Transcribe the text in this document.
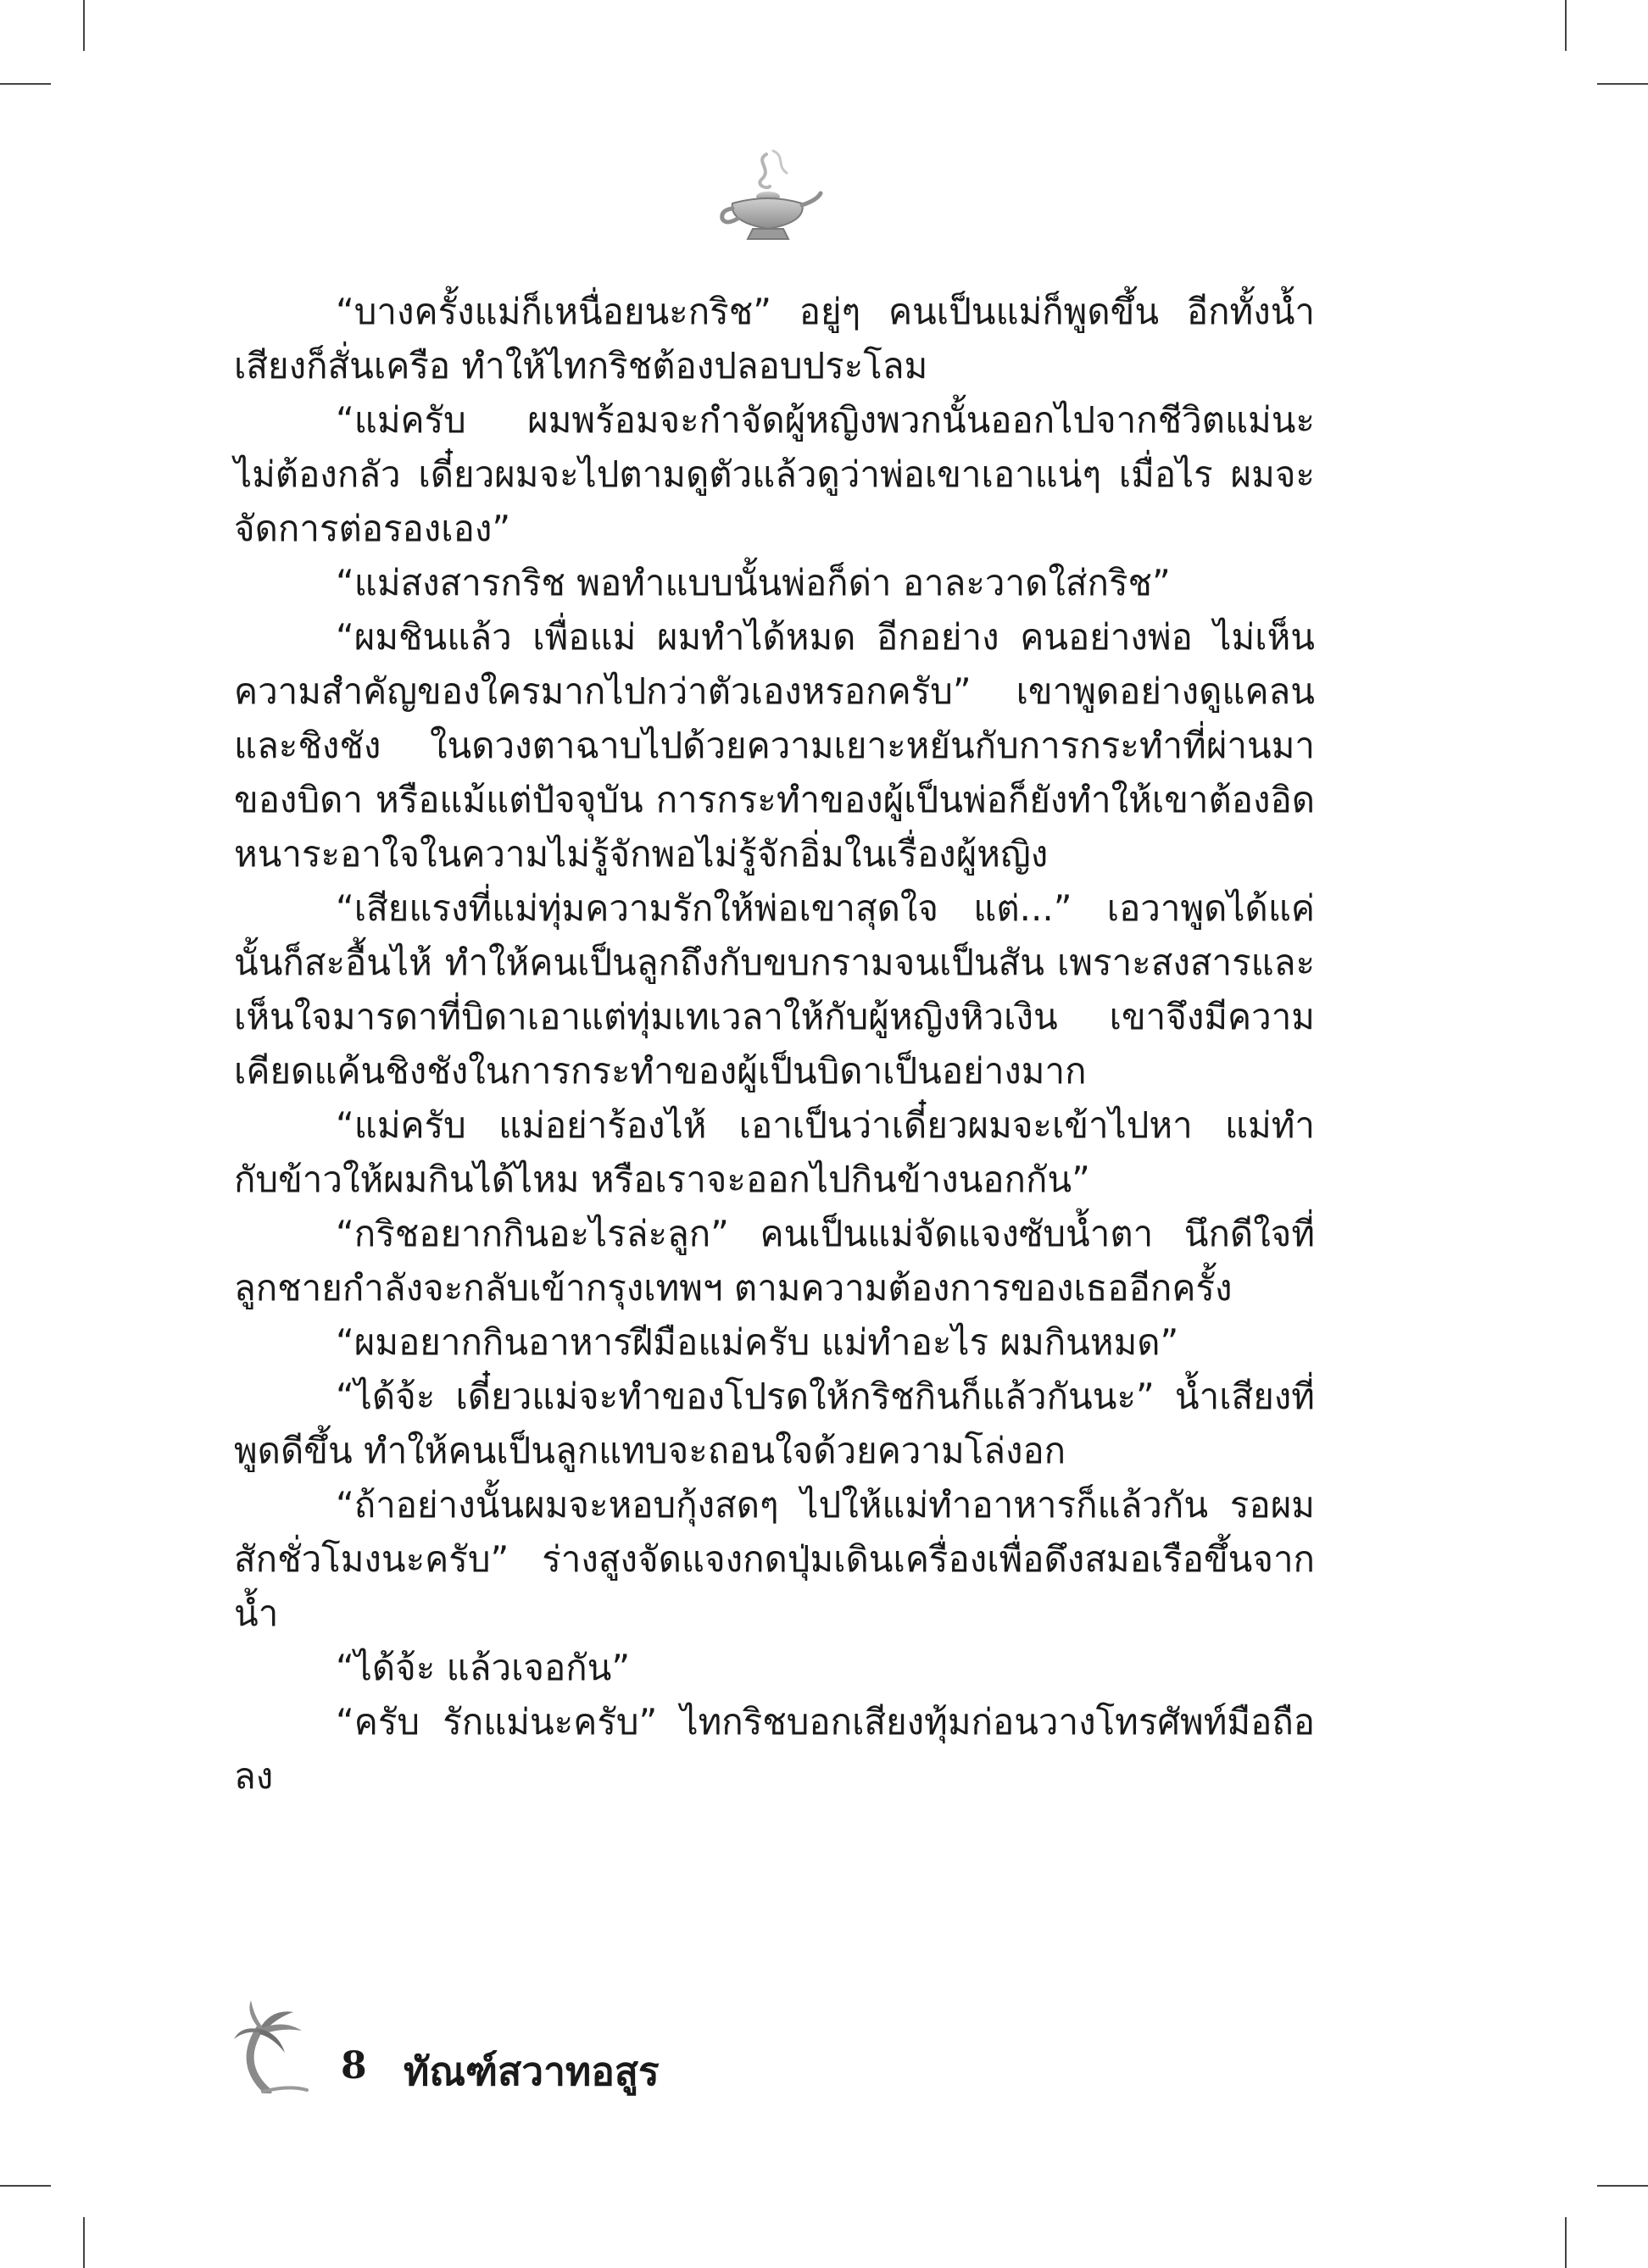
“บางครั้งแม่ก็เหนื่อยนะกริช” อยู่ๆ คนเป็นแม่ก็พูดขึ้น อีกทั้งน้ำเสียงก็สั่นเครือ ทำให้ไทกริชต้องปลอบประโลม

“แม่ครับ ผมพร้อมจะกำจัดผู้หญิงพวกนั้นออกไปจากชีวิตแม่นะ ไม่ต้องกลัว เดี๋ยวผมจะไปตามดูตัวแล้วดูว่าพ่อเขาเอาแน่ๆ เมื่อไร ผมจะจัดการต่อรองเอง”

“แม่สงสารกริช พอทำแบบนั้นพ่อก็ด่า อาละวาดใส่กริช”

“ผมชินแล้ว เพื่อแม่ ผมทำได้หมด อีกอย่าง คนอย่างพ่อ ไม่เห็นความสำคัญของใครมากไปกว่าตัวเองหรอกครับ” เขาพูดอย่างดูแคลนและชิงชัง ในดวงตาฉาบไปด้วยความเยาะหยันกับการกระทำที่ผ่านมาของบิดา หรือแม้แต่ปัจจุบัน การกระทำของผู้เป็นพ่อก็ยังทำให้เขาต้องอิดหนาระอาใจในความไม่รู้จักพอไม่รู้จักอิ่มในเรื่องผู้หญิง

“เสียแรงที่แม่ทุ่มความรักให้พ่อเขาสุดใจ แต่...” เอวาพูดได้แค่นั้นก็สะอื้นไห้ ทำให้คนเป็นลูกถึงกับขบกรามจนเป็นสัน เพราะสงสารและเห็นใจมารดาที่บิดาเอาแต่ทุ่มเทเวลาให้กับผู้หญิงหิวเงิน เขาจึงมีความเคียดแค้นชิงชังในการกระทำของผู้เป็นบิดาเป็นอย่างมาก

“แม่ครับ แม่อย่าร้องไห้ เอาเป็นว่าเดี๋ยวผมจะเข้าไปหา แม่ทำกับข้าวให้ผมกินได้ไหม หรือเราจะออกไปกินข้างนอกกัน”

“กริชอยากกินอะไรล่ะลูก” คนเป็นแม่จัดแจงซับน้ำตา นึกดีใจที่ลูกชายกำลังจะกลับเข้ากรุงเทพฯ ตามความต้องการของเธออีกครั้ง

“ผมอยากกินอาหารฝีมือแม่ครับ แม่ทำอะไร ผมกินหมด”

“ได้จ้ะ เดี๋ยวแม่จะทำของโปรดให้กริชกินก็แล้วกันนะ” น้ำเสียงที่พูดดีขึ้น ทำให้คนเป็นลูกแทบจะถอนใจด้วยความโล่งอก

“ถ้าอย่างนั้นผมจะหอบกุ้งสดๆ ไปให้แม่ทำอาหารก็แล้วกัน รอผมสักชั่วโมงนะครับ” ร่างสูงจัดแจงกดปุ่มเดินเครื่องเพื่อดึงสมอเรือขึ้นจากน้ำ

“ได้จ้ะ แล้วเจอกัน”

“ครับ รักแม่นะครับ” ไทกริชบอกเสียงทุ้มก่อนวางโทรศัพท์มือถือลง

8 ทัณฑ์สวาทอสูร
